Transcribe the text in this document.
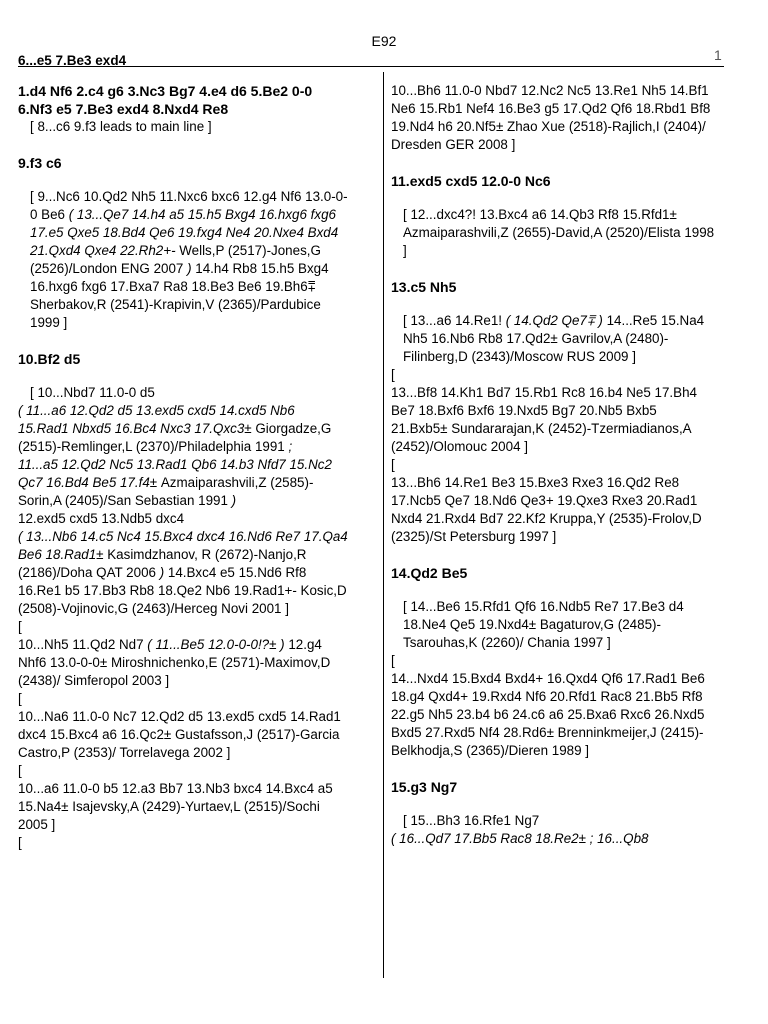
E92
1
6...e5 7.Be3 exd4

1.d4 Nf6 2.c4 g6 3.Nc3 Bg7 4.e4 d6 5.Be2 0-0 6.Nf3 e5 7.Be3 exd4 8.Nxd4 Re8

[ 8...c6 9.f3 leads to main line ]

9.f3 c6

[ 9...Nc6 10.Qd2 Nh5 11.Nxc6 bxc6 12.g4 Nf6 13.0-0-0 Be6 ( 13...Qe7 14.h4 a5 15.h5 Bxg4 16.hxg6 fxg6 17.e5 Qxe5 18.Bd4 Qe6 19.fxg4 Ne4 20.Nxe4 Bxd4 21.Qxd4 Qxe4 22.Rh2+- Wells,P (2517)-Jones,G (2526)/London ENG 2007 ) 14.h4 Rb8 15.h5 Bxg4 16.hxg6 fxg6 17.Bxa7 Ra8 18.Be3 Be6 19.Bh6⩱ Sherbakov,R (2541)-Krapivin,V (2365)/Pardubice 1999 ]

10.Bf2 d5

[ 10...Nbd7 11.0-0 d5

( 11...a6 12.Qd2 d5 13.exd5 cxd5 14.cxd5 Nb6 15.Rad1 Nbxd5 16.Bc4 Nxc3 17.Qxc3± Giorgadze,G (2515)-Remlinger,L (2370)/Philadelphia 1991 ;
11...a5 12.Qd2 Nc5 13.Rad1 Qb6 14.b3 Nfd7 15.Nc2 Qc7 16.Bd4 Be5 17.f4± Azmaiparashvili,Z (2585)-Sorin,A (2405)/San Sebastian 1991 )
12.exd5 cxd5 13.Ndb5 dxc4
( 13...Nb6 14.c5 Nc4 15.Bxc4 dxc4 16.Nd6 Re7 17.Qa4 Be6 18.Rad1± Kasimdzhanov, R (2672)-Nanjo,R (2186)/Doha QAT 2006 ) 14.Bxc4 e5 15.Nd6 Rf8 16.Re1 b5 17.Bb3 Rb8 18.Qe2 Nb6 19.Rad1+- Kosic,D (2508)-Vojinovic,G (2463)/Herceg Novi 2001 ]

[

10...Nh5 11.Qd2 Nd7 ( 11...Be5 12.0-0-0!?± ) 12.g4 Nhf6 13.0-0-0± Miroshnichenko,E (2571)-Maximov,D (2438)/ Simferopol 2003 ]

[

10...Na6 11.0-0 Nc7 12.Qd2 d5 13.exd5 cxd5 14.Rad1 dxc4 15.Bxc4 a6 16.Qc2± Gustafsson,J (2517)-Garcia Castro,P (2353)/ Torrelavega 2002 ]

[

10...a6 11.0-0 b5 12.a3 Bb7 13.Nb3 bxc4 14.Bxc4 a5 15.Na4± Isajevsky,A (2429)-Yurtaev,L (2515)/Sochi 2005 ]

[

10...Bh6 11.0-0 Nbd7 12.Nc2 Nc5 13.Re1 Nh5 14.Bf1 Ne6 15.Rb1 Nef4 16.Be3 g5 17.Qd2 Qf6 18.Rbd1 Bf8 19.Nd4 h6 20.Nf5± Zhao Xue (2518)-Rajlich,I (2404)/ Dresden GER 2008 ]

11.exd5 cxd5 12.0-0 Nc6

[ 12...dxc4?! 13.Bxc4 a6 14.Qb3 Rf8 15.Rfd1± Azmaiparashvili,Z (2655)-David,A (2520)/Elista 1998 ]

13.c5 Nh5

[ 13...a6 14.Re1! ( 14.Qd2 Qe7⩱ ) 14...Re5 15.Na4 Nh5 16.Nb6 Rb8 17.Qd2± Gavrilov,A (2480)-Filinberg,D (2343)/Moscow RUS 2009 ]

[

13...Bf8 14.Kh1 Bd7 15.Rb1 Rc8 16.b4 Ne5 17.Bh4 Be7 18.Bxf6 Bxf6 19.Nxd5 Bg7 20.Nb5 Bxb5 21.Bxb5± Sundararajan,K (2452)-Tzermiadianos,A (2452)/Olomouc 2004 ]

[

13...Bh6 14.Re1 Be3 15.Bxe3 Rxe3 16.Qd2 Re8 17.Ncb5 Qe7 18.Nd6 Qe3+ 19.Qxe3 Rxe3 20.Rad1 Nxd4 21.Rxd4 Bd7 22.Kf2 Kruppa,Y (2535)-Frolov,D (2325)/St Petersburg 1997 ]

14.Qd2 Be5

[ 14...Be6 15.Rfd1 Qf6 16.Ndb5 Re7 17.Be3 d4 18.Ne4 Qe5 19.Nxd4± Bagaturov,G (2485)-Tsarouhas,K (2260)/ Chania 1997 ]

[

14...Nxd4 15.Bxd4 Bxd4+ 16.Qxd4 Qf6 17.Rad1 Be6 18.g4 Qxd4+ 19.Rxd4 Nf6 20.Rfd1 Rac8 21.Bb5 Rf8 22.g5 Nh5 23.b4 b6 24.c6 a6 25.Bxa6 Rxc6 26.Nxd5 Bxd5 27.Rxd5 Nf4 28.Rd6± Brenninkmeijer,J (2415)-Belkhodja,S (2365)/Dieren 1989 ]

15.g3 Ng7

[ 15...Bh3 16.Rfe1 Ng7

( 16...Qd7 17.Bb5 Rac8 18.Re2± ; 16...Qb8
